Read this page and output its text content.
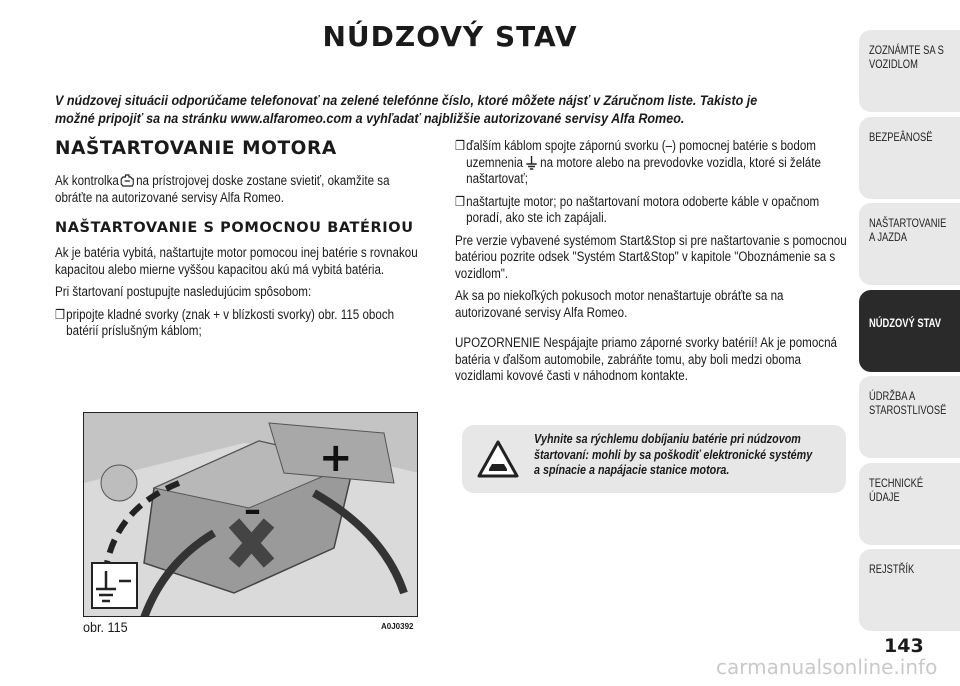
NÚDZOVÝ STAV
V núdzovej situácii odporúčame telefonovať na zelené telefónne číslo, ktoré môžete nájsť v Záručnom liste. Takisto je možné pripojiť sa na stránku www.alfaromeo.com a vyhľadať najbližšie autorizované servisy Alfa Romeo.
NAŠTARTOVANIE MOTORA
Ak kontrolka na prístrojovej doske zostane svietiť, okamžite sa obráťte na autorizované servisy Alfa Romeo.
NAŠTARTOVANIE S POMOCNOU BATÉRIOU
Ak je batéria vybitá, naštartujte motor pomocou inej batérie s rovnakou kapacitou alebo mierne vyššou kapacitou akú má vybitá batéria.
Pri štartovaní postupujte nasledujúcim spôsobom:
❒ pripojte kladné svorky (znak + v blízkosti svorky) obr. 115 oboch batérií príslušným káblom;
❒ ďalším káblom spojte zápornú svorku (–) pomocnej batérie s bodom uzemnenia na motore alebo na prevodovke vozidla, ktoré si želáte naštartovať;
❒ naštartujte motor; po naštartovaní motora odoberte káble v opačnom poradí, ako ste ich zapájali.
Pre verzie vybavené systémom Start&Stop si pre naštartovanie s pomocnou batériou pozrite odsek "Systém Start&Stop" v kapitole "Oboznámenie sa s vozidlom".
Ak sa po niekoľkých pokusoch motor nenaštartuje obráťte sa na autorizované servisy Alfa Romeo.
UPOZORNENIE Nespájajte priamo záporné svorky batérií! Ak je pomocná batéria v ďalšom automobile, zabráňte tomu, aby boli medzi oboma vozidlami kovové časti v náhodnom kontakte.
+
–
obr. 115	A0J0392
Vyhnite sa rýchlemu dobíjaniu batérie pri núdzovom štartovaní: mohli by sa poškodiť elektronické systémy a spínacie a napájacie stanice motora.
ZOZNÁMTE SA S VOZIDLOM
BEZPEÂNOSË
NAŠTARTOVANIE A JAZDA
NÚDZOVÝ STAV
ÚDRŽBA A STAROSTLIVOSË
TECHNICKÉ ÚDAJE
REJSTŘÍK
143
carmanualsonline.info
